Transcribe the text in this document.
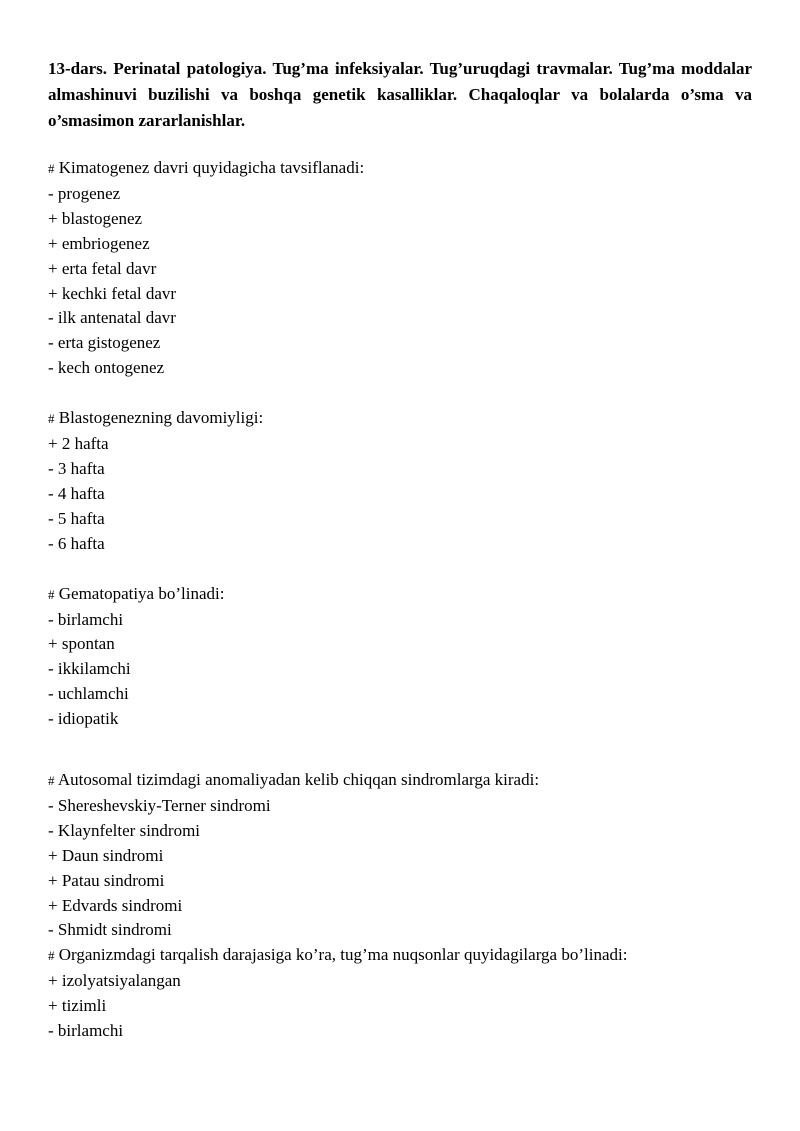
13-dars. Perinatal patologiya. Tug’ma infeksiyalar. Tug’uruqdagi travmalar. Tug’ma moddalar almashinuvi buzilishi va boshqa genetik kasalliklar. Chaqaloqlar va bolalarda o’sma va o’smasimon zararlanishlar.

# Kimatogenez davri quyidagicha tavsiflanadi:

- progenez

+ blastogenez

+ embriogenez

+ erta fetal davr

+ kechki fetal davr

- ilk antenatal davr

- erta gistogenez

- kech ontogenez

# Blastogenezning davomiyligi:

+ 2 hafta

- 3 hafta

- 4 hafta

- 5 hafta

- 6 hafta

# Gematopatiya bo’linadi:

- birlamchi

+ spontan

- ikkilamchi

- uchlamchi

- idiopatik

# Autosomal tizimdagi anomaliyadan kelib chiqqan sindromlarga kiradi:

- Shereshevskiy-Terner sindromi

- Klaynfelter sindromi

+ Daun sindromi

+ Patau sindromi

+ Edvards sindromi

- Shmidt sindromi

# Organizmdagi tarqalish darajasiga ko’ra, tug’ma nuqsonlar quyidagilarga bo’linadi:

+ izolyatsiyalangan

+ tizimli

- birlamchi
